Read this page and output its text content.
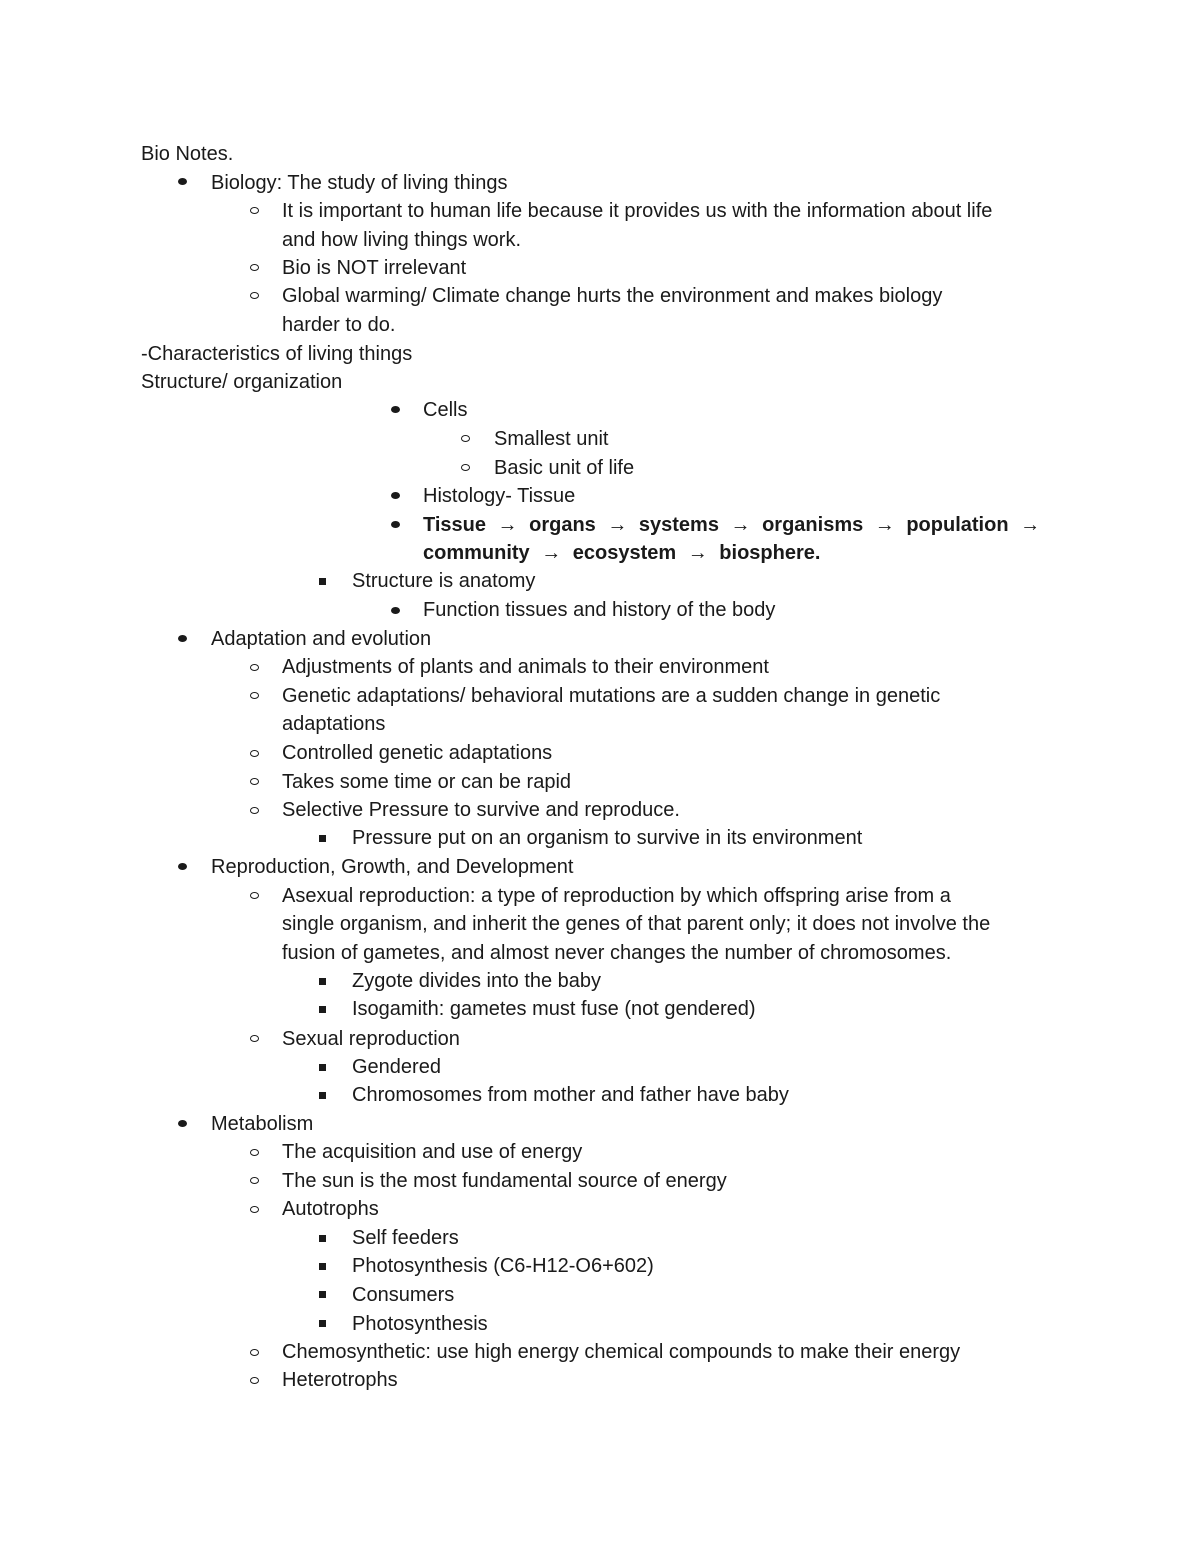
Bio Notes.
Biology: The study of living things
It is important to human life because it provides us with the information about life
and how living things work.
Bio is NOT irrelevant
Global warming/ Climate change hurts the environment and makes biology
harder to do.
-Characteristics of living things
Structure/ organization
Cells
Smallest unit
Basic unit of life
Histology- Tissue
Tissue → organs → systems → organisms → population →
community → ecosystem → biosphere.
Structure is anatomy
Function tissues and history of the body
Adaptation and evolution
Adjustments of plants and animals to their environment
Genetic adaptations/ behavioral mutations are a sudden change in genetic
adaptations
Controlled genetic adaptations
Takes some time or can be rapid
Selective Pressure to survive and reproduce.
Pressure put on an organism to survive in its environment
Reproduction, Growth, and Development
Asexual reproduction: a type of reproduction by which offspring arise from a
single organism, and inherit the genes of that parent only; it does not involve the
fusion of gametes, and almost never changes the number of chromosomes.
Zygote divides into the baby
Isogamith: gametes must fuse (not gendered)
Sexual reproduction
Gendered
Chromosomes from mother and father have baby
Metabolism
The acquisition and use of energy
The sun is the most fundamental source of energy
Autotrophs
Self feeders
Photosynthesis (C6-H12-O6+602)
Consumers
Photosynthesis
Chemosynthetic: use high energy chemical compounds to make their energy
Heterotrophs
